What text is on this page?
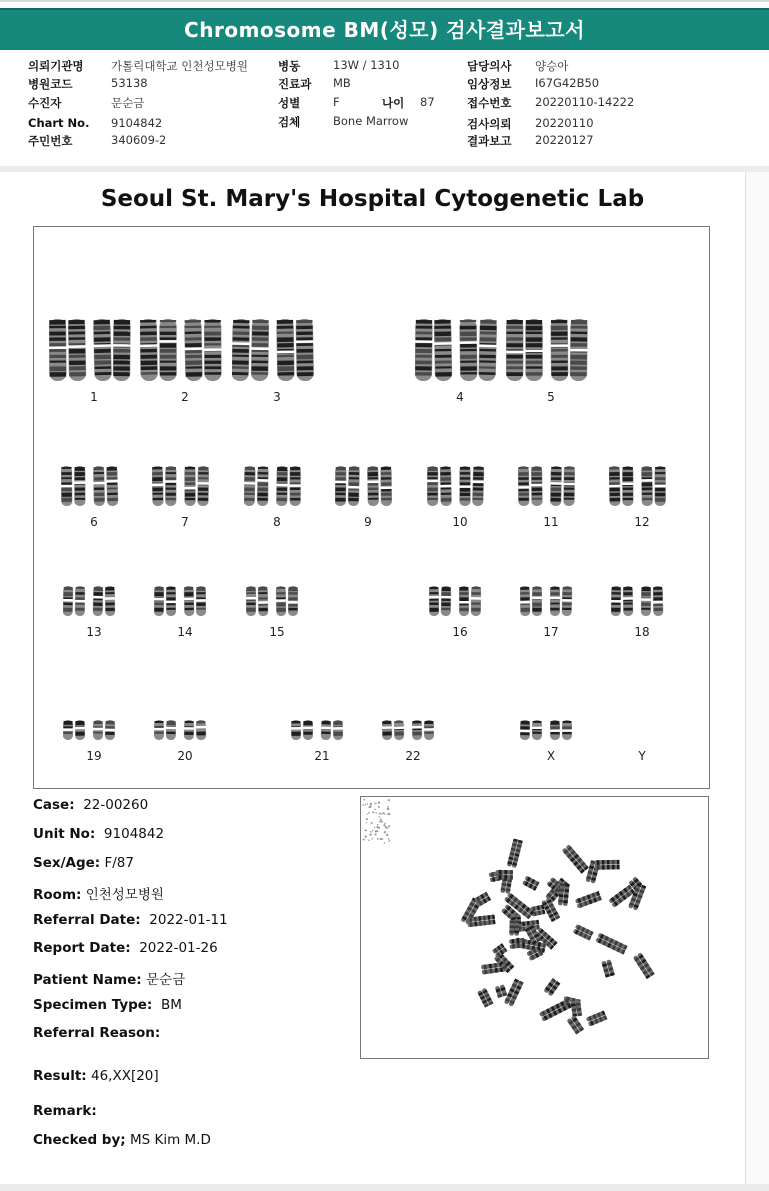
Chromosome BM(성모) 검사결과보고서
의뢰기관명 가톨릭대학교 인천성모병원
병원코드	53138
수진자	문순금
Chart No. 9104842
주민번호	340609-2
병동	13W / 1310
진료과 MB
성별	F	나이 87
검체	Bone Marrow
담당의사 양승아
임상정보 I67G42B50
접수번호 20220110-14222
검사의뢰 20220110
결과보고 20220127
Seoul St. Mary's Hospital Cytogenetic Lab
1	2	3	4	5
6	7	8	9	10	11	12
13	14	15	16	17	18
19	20	21	22	X	Y
Case: 22-00260
Unit No: 9104842
Sex/Age: F/87
Room: 인천성모병원
Referral Date: 2022-01-11
Report Date: 2022-01-26
Patient Name: 문순금
Specimen Type: BM
Referral Reason:
Result: 46,XX[20]
Remark:
Checked by; MS Kim M.D
